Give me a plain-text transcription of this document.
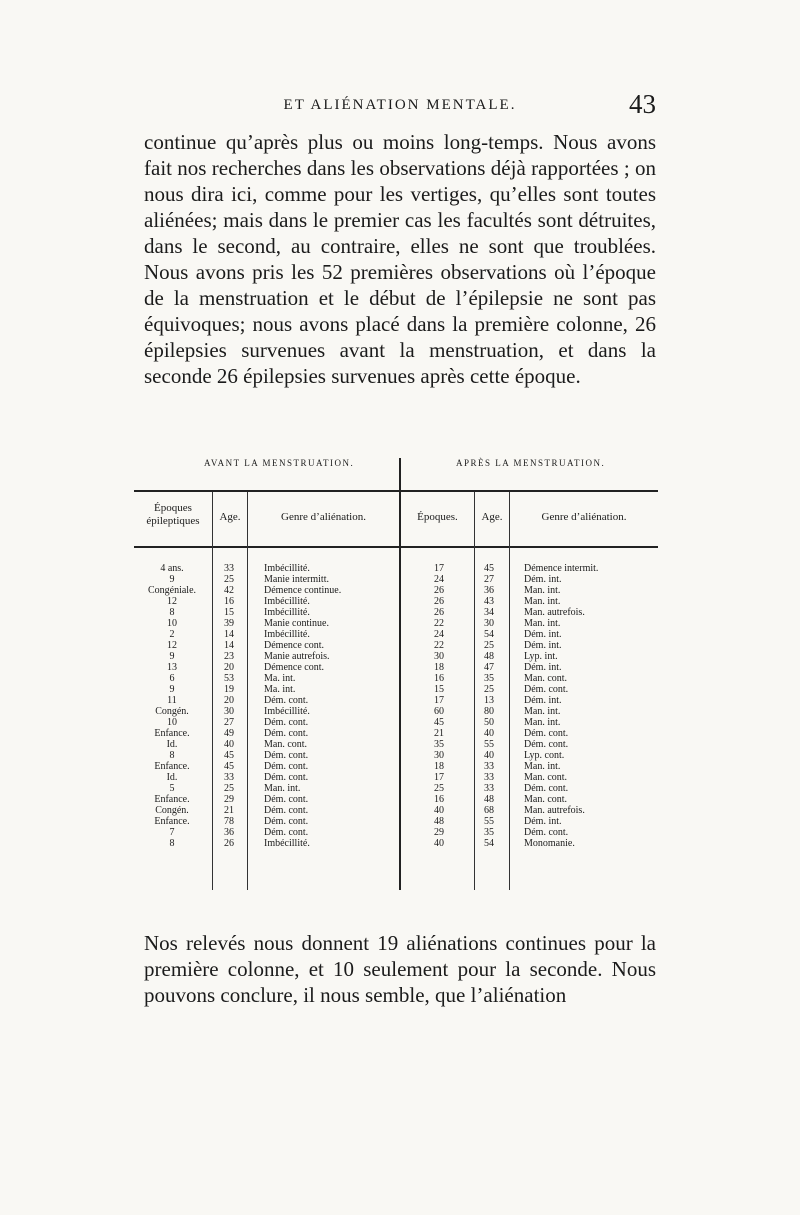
ET ALIÉNATION MENTALE.	43

continue qu’après plus ou moins long-temps. Nous avons fait nos recherches dans les observations déjà rapportées ; on nous dira ici, comme pour les vertiges, qu’elles sont toutes aliénées; mais dans le premier cas les facultés sont détruites, dans le second, au contraire, elles ne sont que troublées. Nous avons pris les 52 premières observations où l’époque de la menstruation et le début de l’épilepsie ne sont pas équivoques; nous avons placé dans la première colonne, 26 épilepsies survenues avant la menstruation, et dans la seconde 26 épilepsies survenues après cette époque.

AVANT LA MENSTRUATION.	APRÈS LA MENSTRUATION.
Époques épileptiques	Age.	Genre d’aliénation.	Époques.	Age.	Genre d’aliénation.
4 ans.	33	Imbécillité.	17	45	Démence intermit.
9	25	Manie intermitt.	24	27	Dém. int.
Congéniale.	42	Démence continue.	26	36	Man. int.
12	16	Imbécillité.	26	43	Man. int.
8	15	Imbécillité.	26	34	Man. autrefois.
10	39	Manie continue.	22	30	Man. int.
2	14	Imbécillité.	24	54	Dém. int.
12	14	Démence cont.	22	25	Dém. int.
9	23	Manie autrefois.	30	48	Lyp. int.
13	20	Démence cont.	18	47	Dém. int.
6	53	Ma. int.	16	35	Man. cont.
9	19	Ma. int.	15	25	Dém. cont.
11	20	Dém. cont.	17	13	Dém. int.
Congén.	30	Imbécillité.	60	80	Man. int.
10	27	Dém. cont.	45	50	Man. int.
Enfance.	49	Dém. cont.	21	40	Dém. cont.
Id.	40	Man. cont.	35	55	Dém. cont.
8	45	Dém. cont.	30	40	Lyp. cont.
Enfance.	45	Dém. cont.	18	33	Man. int.
Id.	33	Dém. cont.	17	33	Man. cont.
5	25	Man. int.	25	33	Dém. cont.
Enfance.	29	Dém. cont.	16	48	Man. cont.
Congén.	21	Dém. cont.	40	68	Man. autrefois.
Enfance.	78	Dém. cont.	48	55	Dém. int.
7	36	Dém. cont.	29	35	Dém. cont.
8	26	Imbécillité.	40	54	Monomanie.

Nos relevés nous donnent 19 aliénations continues pour la première colonne, et 10 seulement pour la seconde. Nous pouvons conclure, il nous semble, que l’aliénation
